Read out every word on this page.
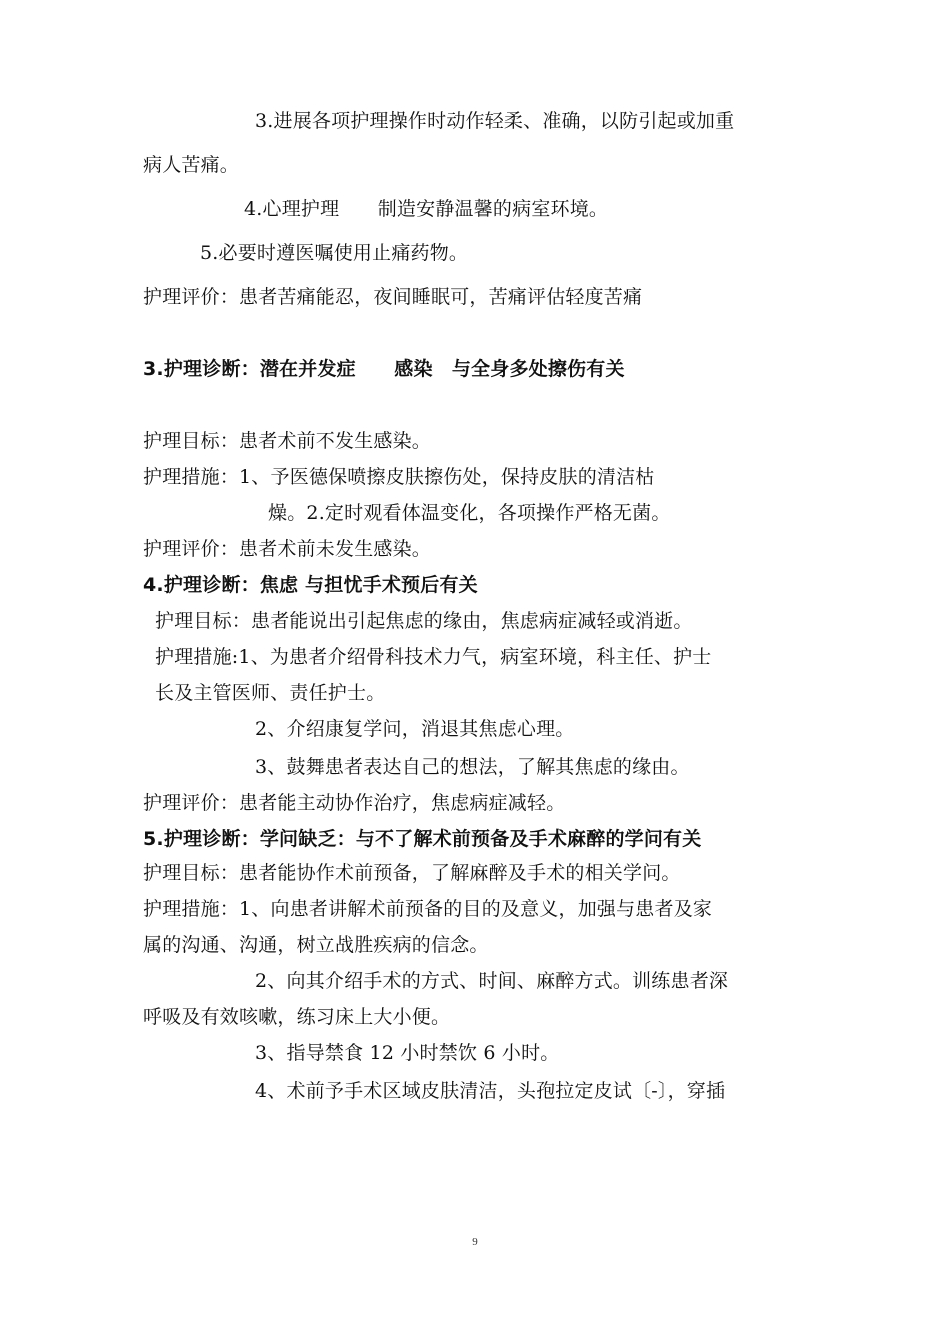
3.进展各项护理操作时动作轻柔、准确，以防引起或加重
病人苦痛。
4.心理护理　　制造安静温馨的病室环境。
5.必要时遵医嘱使用止痛药物。
护理评价：患者苦痛能忍，夜间睡眠可，苦痛评估轻度苦痛
3.护理诊断：潜在并发症　　感染　与全身多处擦伤有关
护理目标：患者术前不发生感染。
护理措施：1、予医德保喷擦皮肤擦伤处，保持皮肤的清洁枯
燥。2.定时观看体温变化，各项操作严格无菌。
护理评价：患者术前未发生感染。
4.护理诊断：焦虑 与担忧手术预后有关
护理目标：患者能说出引起焦虑的缘由，焦虑病症减轻或消逝。
护理措施:1、为患者介绍骨科技术力气，病室环境，科主任、护士
长及主管医师、责任护士。
2、介绍康复学问，消退其焦虑心理。
3、鼓舞患者表达自己的想法，了解其焦虑的缘由。
护理评价：患者能主动协作治疗，焦虑病症减轻。
5.护理诊断：学问缺乏：与不了解术前预备及手术麻醉的学问有关
护理目标：患者能协作术前预备，了解麻醉及手术的相关学问。
护理措施：1、向患者讲解术前预备的目的及意义，加强与患者及家
属的沟通、沟通，树立战胜疾病的信念。
2、向其介绍手术的方式、时间、麻醉方式。训练患者深
呼吸及有效咳嗽，练习床上大小便。
3、指导禁食 12 小时禁饮 6 小时。
4、术前予手术区域皮肤清洁，头孢拉定皮试〔-〕，穿插
9
